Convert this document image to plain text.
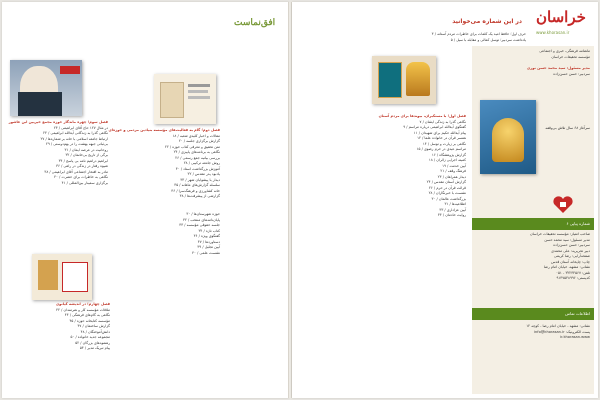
افق‌نماست
فصل سوم؛ چهره ماندگار حوزه مجمع خیریین ابن عاشور
در مثال ۱۲۷ حاج آقای ابراهیمی / ۲۳
نگاهی گذرا به زندگانی آیة‌الله ابراهیمی / ۲۴
ارتباط جامعه اسلامی با خانه بر شماره‌ها / ۲۷
بی‌ثباتی جبهه بهشت را در بهم‌دوستی / ۲۹
روحانیت در عرصه ایمان / ۳۱
برگی از تاریخ بی‌خانمان / ۳۲
ابراهیم دراهیم نامه بی پاسخ / ۳۴
شیوه رفتار در زندگی در راهی / ۳۶
مادر به افتخار اجتماعی آقای ابراهیمی / ۳۸
نگاهی به خاطرات برای حضرت / ۴۰
برگزاری سمینار بین‌المللی / ۴۱
فصل دوم؛ گام به فعالیت‌های مؤسسه بنیادین مردمی و حوزه‌ای
مقالات و اخبار کلیدی شعبه / ۱۸
گزارش برگزاری جلسه / ۲۰
متن تحقیق و معرفی کتاب حوزه / ۲۲
نگاهی به برنامه‌های پاییزی / ۲۴
بررسی بیانیه جمع رسمی / ۲۶
روش جامعه ترکیبی / ۲۸
آموزش بزرگداشت استاد / ۳۰
یادبود پدر مقدس / ۳۲
دیدار با پیشوایان شهر / ۳۳
سلسله گزارش‌های ماهانه / ۳۵
خانه کشاورزی و فرهنگ‌سرا / ۳۶
گزارشی از پیشرفت‌ها / ۳۸
حوزه شهرستان‌ها / ۳۰
پایان‌نامه‌های منتخب / ۳۲
جلسه حقوقی مؤسسه / ۳۳
کتاب تازه / ۳۴
گفتگوی ویژه / ۳۶
دستاوردها / ۳۷
آیین تجلیل / ۳۹
نشست علمی / ۴۰
فصل چهارم؛ در اندیشه کیانوی
ملاقات مؤسسه کار و هنرمندان / ۴۲
نگاهی به گام‌های فرهنگی / ۴۴
مؤسسه کتابخانه حوزه / ۴۵
گزارش ساختمان / ۴۷
دانش‌آموختگان / ۴۸
مجموعه جدید خانواده / ۵۰
رهنمودهای بزرگان / ۵۲
پیام تبریک مدیر / ۵۳
خراسان
www.khorasan.ir
در این شماره می‌خوانید
حرف اول؛ حافظ امید یک کلمات برای خاطرات مردم آستانه / ۳
یادداشت سردبیر؛ توسل کمالی و مقابله با سیل / ۵
فصل اول؛ با مستکبران، بیوندها برای مردم آستان
نگاهی گذرا به زندگی ایشان / ۷
گفتگوی آیة‌الله ابراهیمی درباره مراسم / ۹
پیام آیة‌الله حکیم برای شهیدان / ۱۱
همسر قرآن در خانواده علما / ۱۲
نگاهی بر زیارت و توسل / ۱۴
مراسم عیدی در حرم رضوی / ۱۵
گزارش پژوهشگاه / ۱۶
کمیته اجرایی زائران / ۱۸
آیین خدمت / ۱۹
فرهنگ وقف / ۲۱
دیدار همراهان / ۲۳
گزارش آستان مقدس / ۲۴
قرائت قرآن در حرم / ۲۶
نشست با خبرنگاران / ۲۸
بزرگداشت عالمان / ۳۰
اطلاعیه‌ها / ۳۱
آیین عزاداری / ۳۳
روایت خادمان / ۳۴
ماهنامه فرهنگی، خبری و اجتماعی
مؤسسه تحقیقات خراسان
مدیر مسئول: سید محمد حسن نوری
سردبیر: حسن حسن‌زاده
سرآغاز ۶۸ سال تلاش بی‌وقفه
شماره پیاپی ۶
صاحب امتیاز: مؤسسه تحقیقات خراسان
مدیر مسئول: سید محمد حسن
سردبیر: حسن حسن‌زاده
دبیر تحریریه: علی محمدی
صفحه‌آرایی: رضا کریمی
چاپ: چاپخانه آستان قدس
نشانی: مشهد، خیابان امام رضا
تلفن: ۳۲۲۳۴۵۶۷ - ۰۵۱
کدپستی: ۹۱۳۷۵۴۸۹۹۶
اطلاعات تماس
نشانی: مشهد - خیابان امام رضا - کوچه ۱۲
پست الکترونیک: info@khorasan.ir
ir.khorasan.www
